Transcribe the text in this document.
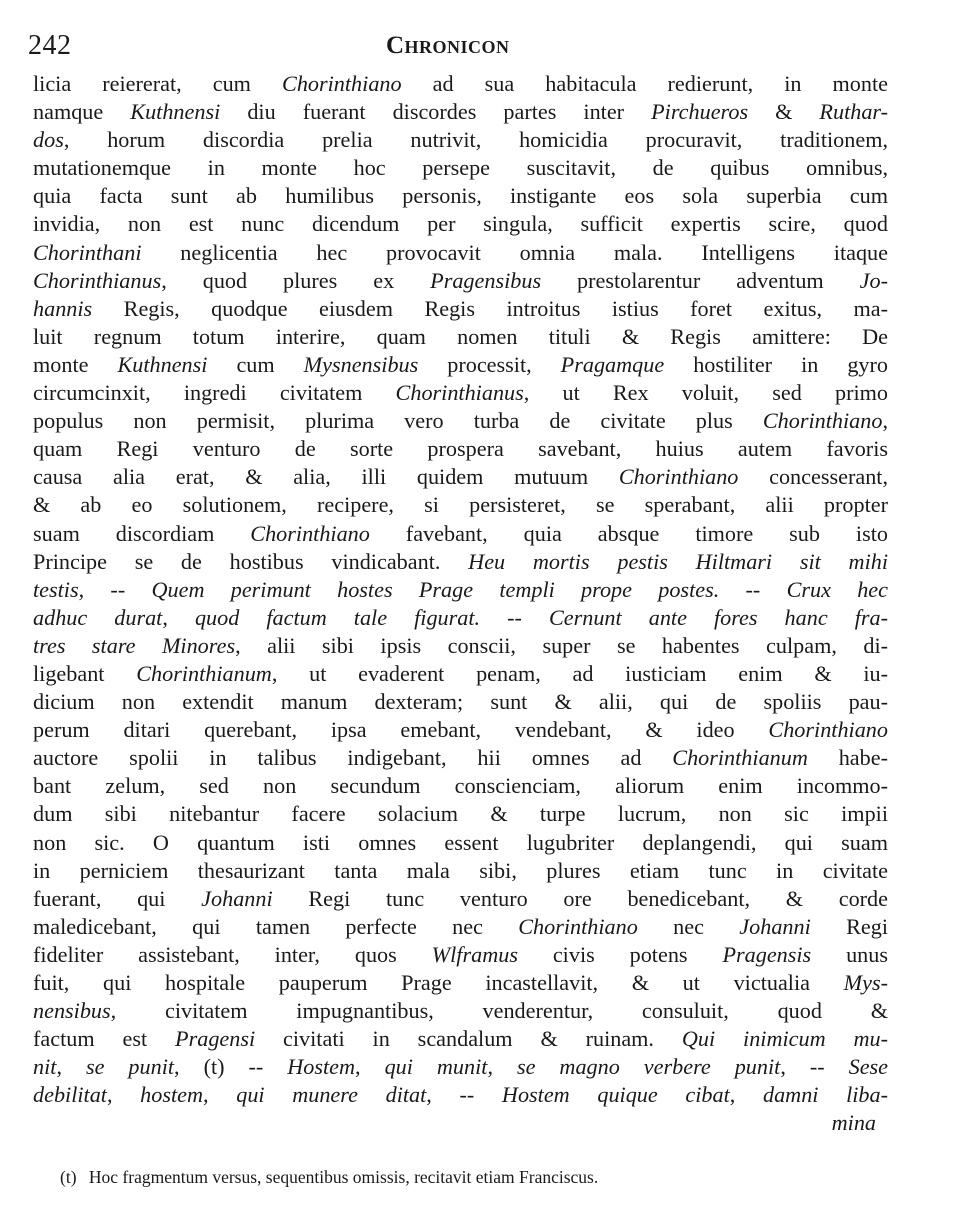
242	Chronicon
licia reiererat, cum Chorinthiano ad sua habitacula redierunt, in monte
namque Kuthnensi diu fuerant discordes partes inter Pirchueros & Ruthar-
dos, horum discordia prelia nutrivit, homicidia procuravit, traditionem,
mutationemque in monte hoc persepe suscitavit, de quibus omnibus,
quia facta sunt ab humilibus personis, instigante eos sola superbia cum
invidia, non est nunc dicendum per singula, sufficit expertis scire, quod
Chorinthani neglicentia hec provocavit omnia mala. Intelligens itaque
Chorinthianus, quod plures ex Pragensibus prestolarentur adventum Jo-
hannis Regis, quodque eiusdem Regis introitus istius foret exitus, ma-
luit regnum totum interire, quam nomen tituli & Regis amittere: De
monte Kuthnensi cum Mysnensibus processit, Pragamque hostiliter in gyro
circumcinxit, ingredi civitatem Chorinthianus, ut Rex voluit, sed primo
populus non permisit, plurima vero turba de civitate plus Chorinthiano,
quam Regi venturo de sorte prospera savebant, huius autem favoris
causa alia erat, & alia, illi quidem mutuum Chorinthiano concesserant,
& ab eo solutionem, recipere, si persisteret, se sperabant, alii propter
suam discordiam Chorinthiano favebant, quia absque timore sub isto
Principe se de hostibus vindicabant. Heu mortis pestis Hiltmari sit mihi
testis, -- Quem perimunt hostes Prage templi prope postes. -- Crux hec
adhuc durat, quod factum tale figurat. -- Cernunt ante fores hanc fra-
tres stare Minores, alii sibi ipsis conscii, super se habentes culpam, di-
ligebant Chorinthianum, ut evaderent penam, ad iusticiam enim & iu-
dicium non extendit manum dexteram; sunt & alii, qui de spoliis pau-
perum ditari querebant, ipsa emebant, vendebant, & ideo Chorinthiano
auctore spolii in talibus indigebant, hii omnes ad Chorinthianum habe-
bant zelum, sed non secundum conscienciam, aliorum enim incommo-
dum sibi nitebantur facere solacium & turpe lucrum, non sic impii
non sic. O quantum isti omnes essent lugubriter deplangendi, qui suam
in perniciem thesaurizant tanta mala sibi, plures etiam tunc in civitate
fuerant, qui Johanni Regi tunc venturo ore benedicebant, & corde
maledicebant, qui tamen perfecte nec Chorinthiano nec Johanni Regi
fideliter assistebant, inter, quos Wlframus civis potens Pragensis unus
fuit, qui hospitale pauperum Prage incastellavit, & ut victualia Mys-
nensibus, civitatem impugnantibus, venderentur, consuluit, quod &
factum est Pragensi civitati in scandalum & ruinam. Qui inimicum mu-
nit, se punit, (t) -- Hostem, qui munit, se magno verbere punit, -- Sese
debilitat, hostem, qui munere ditat, -- Hostem quique cibat, damni liba-
mina
(t) Hoc fragmentum versus, sequentibus omissis, recitavit etiam Franciscus.
